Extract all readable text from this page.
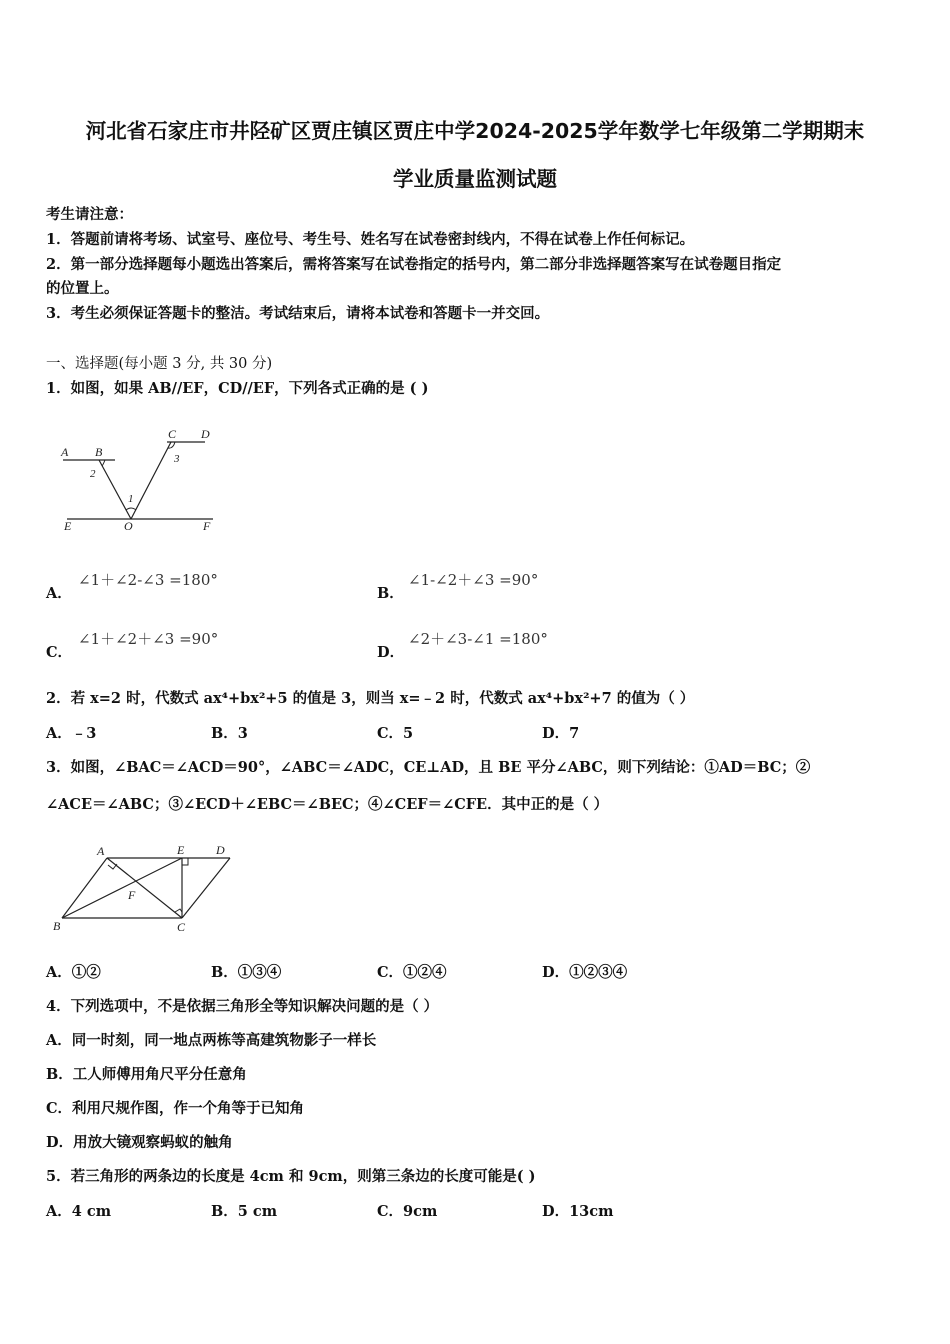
河北省石家庄市井陉矿区贾庄镇区贾庄中学2024-2025学年数学七年级第二学期期末
学业质量监测试题
考生请注意：
1．答题前请将考场、试室号、座位号、考生号、姓名写在试卷密封线内，不得在试卷上作任何标记。
2．第一部分选择题每小题选出答案后，需将答案写在试卷指定的括号内，第二部分非选择题答案写在试卷题目指定
的位置上。
3．考生必须保证答题卡的整洁。考试结束后，请将本试卷和答题卡一并交回。
一、选择题(每小题 3 分, 共 30 分)
1．如图，如果 AB//EF，CD//EF，下列各式正确的是 ( )
A B
C D
E	O	F
1
2
3
A．
∠1＋∠2-∠3 =180°
B．
∠1-∠2＋∠3 =90°
C．
∠1＋∠2＋∠3 =90°
D．
∠2＋∠3-∠1 =180°
2．若 x=2 时，代数式 ax⁴+bx²+5 的值是 3，则当 x=﹣2 时，代数式 ax⁴+bx²+7 的值为（ ）
A．﹣3	B．3	C．5	D．7
3．如图，∠BAC＝∠ACD＝90°，∠ABC＝∠ADC，CE⊥AD，且 BE 平分∠ABC，则下列结论：①AD＝BC；②
∠ACE＝∠ABC；③∠ECD＋∠EBC＝∠BEC；④∠CEF＝∠CFE．其中正的是（ ）
A	E	D
F
B	C
A．①②	B．①③④	C．①②④	D．①②③④
4．下列选项中，不是依据三角形全等知识解决问题的是（ ）
A．同一时刻，同一地点两栋等高建筑物影子一样长
B．工人师傅用角尺平分任意角
C．利用尺规作图，作一个角等于已知角
D．用放大镜观察蚂蚁的触角
5．若三角形的两条边的长度是 4cm 和 9cm，则第三条边的长度可能是( )
A．4 cm	B．5 cm	C．9cm	D．13cm
